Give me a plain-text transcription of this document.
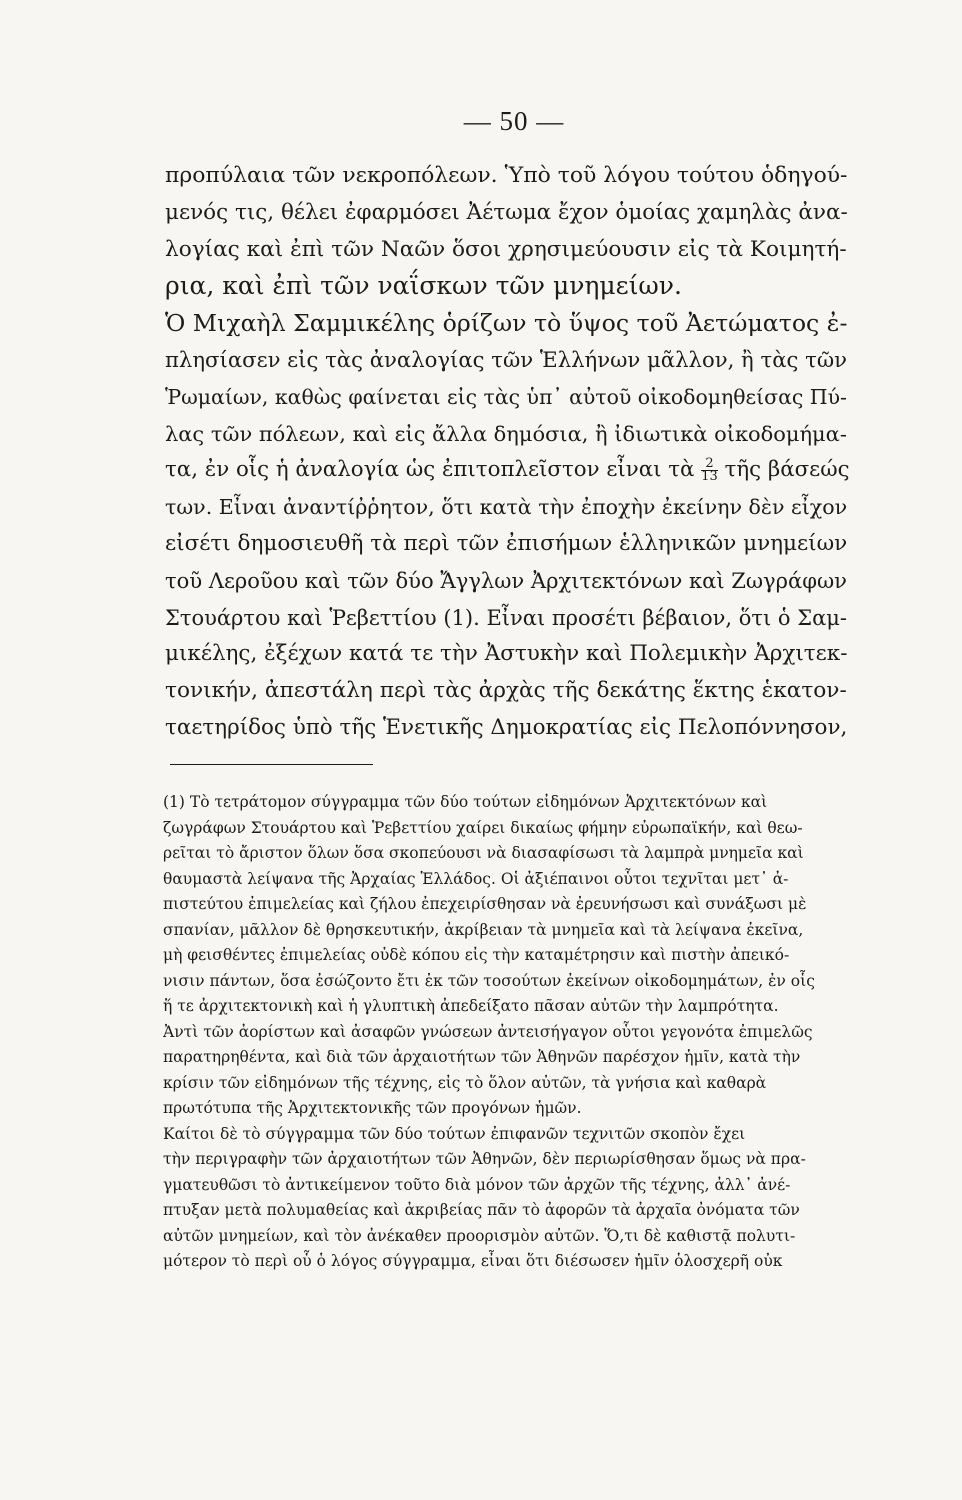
— 50 —
προπύλαια τῶν νεκροπόλεων. Ὑπὸ τοῦ λόγου τούτου ὁδηγού-
μενός τις, θέλει ἐφαρμόσει Ἀέτωμα ἔχον ὁμοίας χαμηλὰς ἀνα-
λογίας καὶ ἐπὶ τῶν Ναῶν ὅσοι χρησιμεύουσιν εἰς τὰ Κοιμητή-
ρια, καὶ ἐπὶ τῶν ναΐσκων τῶν μνημείων.
Ὁ Μιχαὴλ Σαμμικέλης ὁρίζων τὸ ὕψος τοῦ Ἀετώματος ἐ-
πλησίασεν εἰς τὰς ἀναλογίας τῶν Ἑλλήνων μᾶλλον, ἢ τὰς τῶν
Ῥωμαίων, καθὼς φαίνεται εἰς τὰς ὑπ᾽ αὐτοῦ οἰκοδομηθείσας Πύ-
λας τῶν πόλεων, καὶ εἰς ἄλλα δημόσια, ἢ ἰδιωτικὰ οἰκοδομήμα-
τα, ἐν οἷς ἡ ἀναλογία ὡς ἐπιτοπλεῖστον εἶναι τὰ $\frac{2}{13}$ τῆς βάσεώς
των. Εἶναι ἀναντίῤῥητον, ὅτι κατὰ τὴν ἐποχὴν ἐκείνην δὲν εἶχον
εἰσέτι δημοσιευθῆ τὰ περὶ τῶν ἐπισήμων ἑλληνικῶν μνημείων
τοῦ Λεροῦου καὶ τῶν δύο Ἄγγλων Ἀρχιτεκτόνων καὶ Ζωγράφων
Στουάρτου καὶ Ῥεβεττίου (1). Εἶναι προσέτι βέβαιον, ὅτι ὁ Σαμ-
μικέλης, ἐξέχων κατά τε τὴν Ἀστυκὴν καὶ Πολεμικὴν Ἀρχιτεκ-
τονικήν, ἀπεστάλη περὶ τὰς ἀρχὰς τῆς δεκάτης ἕκτης ἑκατον-
ταετηρίδος ὑπὸ τῆς Ἑνετικῆς Δημοκρατίας εἰς Πελοπόννησον,
(1) Τὸ τετράτομον σύγγραμμα τῶν δύο τούτων εἰδημόνων Ἀρχιτεκτόνων καὶ
ζωγράφων Στουάρτου καὶ Ῥεβεττίου χαίρει δικαίως φήμην εὐρωπαϊκήν, καὶ θεω-
ρεῖται τὸ ἄριστον ὅλων ὅσα σκοπεύουσι νὰ διασαφίσωσι τὰ λαμπρὰ μνημεῖα καὶ
θαυμαστὰ λείψανα τῆς Ἀρχαίας Ἑλλάδος. Οἱ ἀξιέπαινοι οὗτοι τεχνῖται μετ᾽ ἀ-
πιστεύτου ἐπιμελείας καὶ ζήλου ἐπεχειρίσθησαν νὰ ἐρευνήσωσι καὶ συνάξωσι μὲ
σπανίαν, μᾶλλον δὲ θρησκευτικήν, ἀκρίβειαν τὰ μνημεῖα καὶ τὰ λείψανα ἐκεῖνα,
μὴ φεισθέντες ἐπιμελείας οὐδὲ κόπου εἰς τὴν καταμέτρησιν καὶ πιστὴν ἀπεικό-
νισιν πάντων, ὅσα ἐσώζοντο ἔτι ἐκ τῶν τοσούτων ἐκείνων οἰκοδομημάτων, ἐν οἷς
ἥ τε ἀρχιτεκτονικὴ καὶ ἡ γλυπτικὴ ἀπεδείξατο πᾶσαν αὐτῶν τὴν λαμπρότητα.
Ἀντὶ τῶν ἀορίστων καὶ ἀσαφῶν γνώσεων ἀντεισήγαγον οὗτοι γεγονότα ἐπιμελῶς
παρατηρηθέντα, καὶ διὰ τῶν ἀρχαιοτήτων τῶν Ἀθηνῶν παρέσχον ἡμῖν, κατὰ τὴν
κρίσιν τῶν εἰδημόνων τῆς τέχνης, εἰς τὸ ὅλον αὐτῶν, τὰ γνήσια καὶ καθαρὰ
πρωτότυπα τῆς Ἀρχιτεκτονικῆς τῶν προγόνων ἡμῶν.
Καίτοι δὲ τὸ σύγγραμμα τῶν δύο τούτων ἐπιφανῶν τεχνιτῶν σκοπὸν ἔχει
τὴν περιγραφὴν τῶν ἀρχαιοτήτων τῶν Ἀθηνῶν, δὲν περιωρίσθησαν ὅμως νὰ πρα-
γματευθῶσι τὸ ἀντικείμενον τοῦτο διὰ μόνον τῶν ἀρχῶν τῆς τέχνης, ἀλλ᾽ ἀνέ-
πτυξαν μετὰ πολυμαθείας καὶ ἀκριβείας πᾶν τὸ ἀφορῶν τὰ ἀρχαῖα ὀνόματα τῶν
αὐτῶν μνημείων, καὶ τὸν ἀνέκαθεν προορισμὸν αὐτῶν. Ὅ,τι δὲ καθιστᾷ πολυτι-
μότερον τὸ περὶ οὗ ὁ λόγος σύγγραμμα, εἶναι ὅτι διέσωσεν ἡμῖν ὁλοσχερῆ οὐκ
